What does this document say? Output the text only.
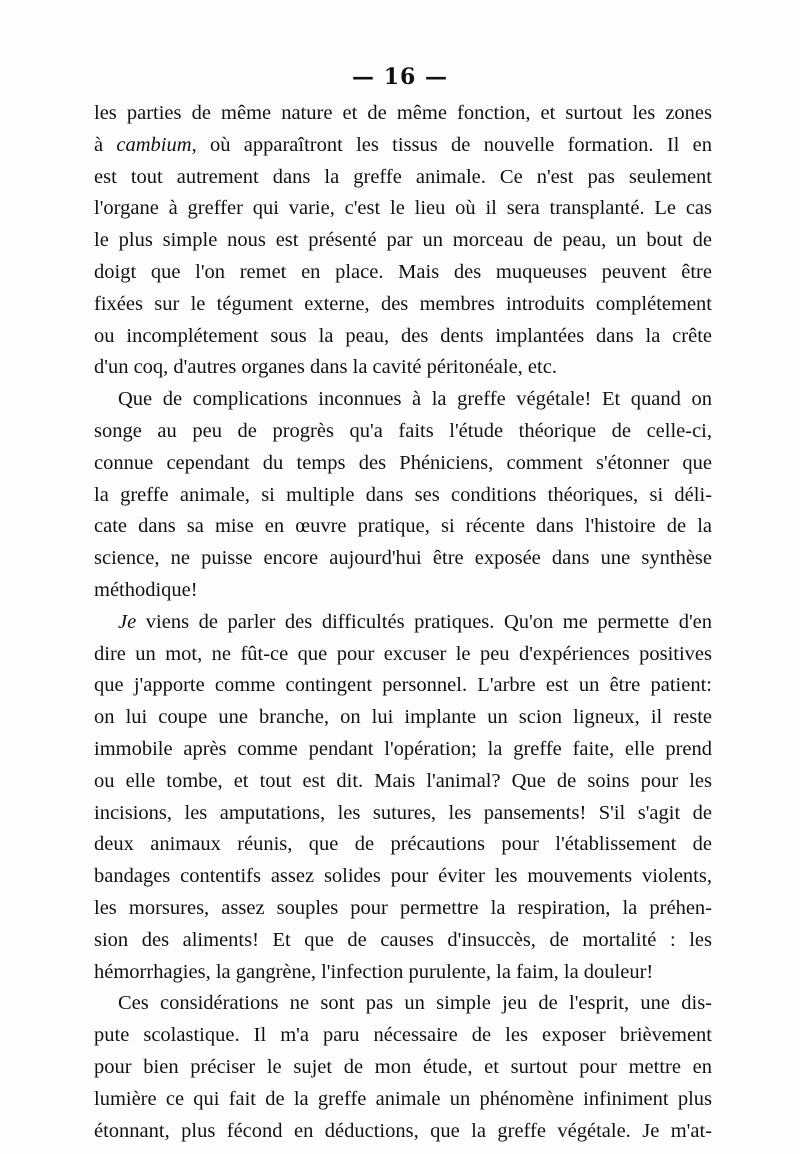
— 16 —

les parties de même nature et de même fonction, et surtout les zones
à cambium, où apparaîtront les tissus de nouvelle formation. Il en
est tout autrement dans la greffe animale. Ce n'est pas seulement
l'organe à greffer qui varie, c'est le lieu où il sera transplanté. Le cas
le plus simple nous est présenté par un morceau de peau, un bout de
doigt que l'on remet en place. Mais des muqueuses peuvent être
fixées sur le tégument externe, des membres introduits complétement
ou incomplétement sous la peau, des dents implantées dans la crête
d'un coq, d'autres organes dans la cavité péritonéale, etc.

Que de complications inconnues à la greffe végétale! Et quand on
songe au peu de progrès qu'a faits l'étude théorique de celle-ci,
connue cependant du temps des Phéniciens, comment s'étonner que
la greffe animale, si multiple dans ses conditions théoriques, si déli-
cate dans sa mise en œuvre pratique, si récente dans l'histoire de la
science, ne puisse encore aujourd'hui être exposée dans une synthèse
méthodique!

Je viens de parler des difficultés pratiques. Qu'on me permette d'en
dire un mot, ne fût-ce que pour excuser le peu d'expériences positives
que j'apporte comme contingent personnel. L'arbre est un être patient:
on lui coupe une branche, on lui implante un scion ligneux, il reste
immobile après comme pendant l'opération; la greffe faite, elle prend
ou elle tombe, et tout est dit. Mais l'animal? Que de soins pour les
incisions, les amputations, les sutures, les pansements! S'il s'agit de
deux animaux réunis, que de précautions pour l'établissement de
bandages contentifs assez solides pour éviter les mouvements violents,
les morsures, assez souples pour permettre la respiration, la préhen-
sion des aliments! Et que de causes d'insuccès, de mortalité : les
hémorrhagies, la gangrène, l'infection purulente, la faim, la douleur!

Ces considérations ne sont pas un simple jeu de l'esprit, une dis-
pute scolastique. Il m'a paru nécessaire de les exposer brièvement
pour bien préciser le sujet de mon étude, et surtout pour mettre en
lumière ce qui fait de la greffe animale un phénomène infiniment plus
étonnant, plus fécond en déductions, que la greffe végétale. Je m'at-
